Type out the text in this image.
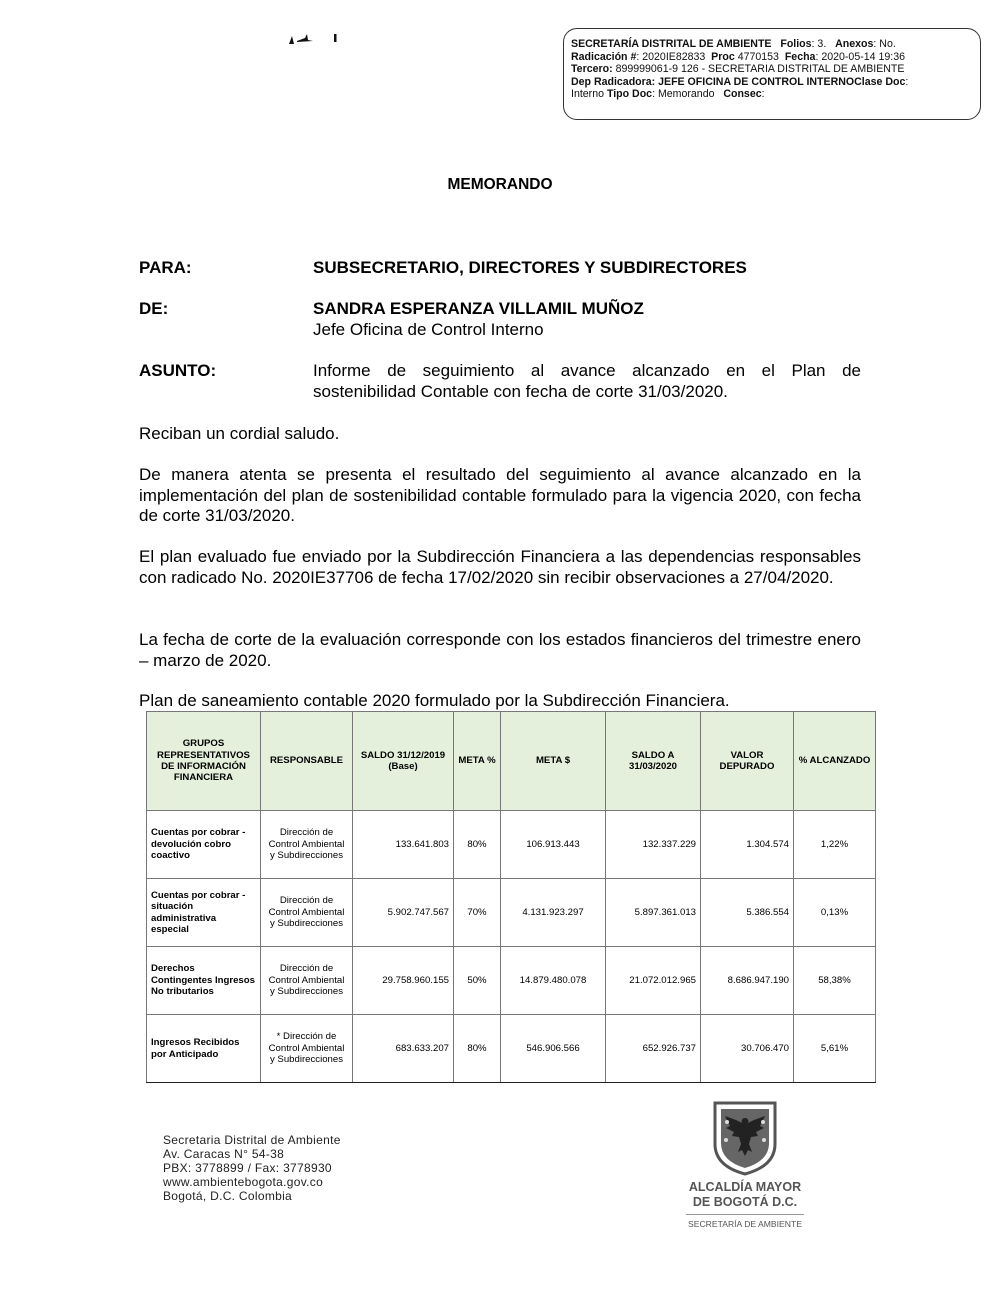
SECRETARÍA DISTRITAL DE AMBIENTE Folios: 3. Anexos: No.
Radicación #: 2020IE82833 Proc 4770153 Fecha: 2020-05-14 19:36
Tercero: 899999061-9 126 - SECRETARIA DISTRITAL DE AMBIENTE
Dep Radicadora: JEFE OFICINA DE CONTROL INTERNOClase Doc:
Interno Tipo Doc: Memorando Consec:
MEMORANDO
PARA:	SUBSECRETARIO, DIRECTORES Y SUBDIRECTORES
DE:	SANDRA ESPERANZA VILLAMIL MUÑOZ
Jefe Oficina de Control Interno
ASUNTO:	Informe de seguimiento al avance alcanzado en el Plan de sostenibilidad Contable con fecha de corte 31/03/2020.
Reciban un cordial saludo.
De manera atenta se presenta el resultado del seguimiento al avance alcanzado en la implementación del plan de sostenibilidad contable formulado para la vigencia 2020, con fecha de corte 31/03/2020.
El plan evaluado fue enviado por la Subdirección Financiera a las dependencias responsables con radicado No. 2020IE37706 de fecha 17/02/2020 sin recibir observaciones a 27/04/2020.
La fecha de corte de la evaluación corresponde con los estados financieros del trimestre enero – marzo de 2020.
Plan de saneamiento contable 2020 formulado por la Subdirección Financiera.
GRUPOS REPRESENTATIVOS DE INFORMACIÓN FINANCIERA	RESPONSABLE	SALDO 31/12/2019 (Base)	META %	META $	SALDO A 31/03/2020	VALOR DEPURADO	% ALCANZADO
Cuentas por cobrar - devolución cobro coactivo	Dirección de Control Ambiental y Subdirecciones	133.641.803	80%	106.913.443	132.337.229	1.304.574	1,22%
Cuentas por cobrar - situación administrativa especial	Dirección de Control Ambiental y Subdirecciones	5.902.747.567	70%	4.131.923.297	5.897.361.013	5.386.554	0,13%
Derechos Contingentes Ingresos No tributarios	Dirección de Control Ambiental y Subdirecciones	29.758.960.155	50%	14.879.480.078	21.072.012.965	8.686.947.190	58,38%
Ingresos Recibidos por Anticipado	* Dirección de Control Ambiental y Subdirecciones	683.633.207	80%	546.906.566	652.926.737	30.706.470	5,61%
Secretaria Distrital de Ambiente
Av. Caracas N° 54-38
PBX: 3778899 / Fax: 3778930
www.ambientebogota.gov.co
Bogotá, D.C. Colombia
ALCALDÍA MAYOR
DE BOGOTÁ D.C.
SECRETARÍA DE AMBIENTE
